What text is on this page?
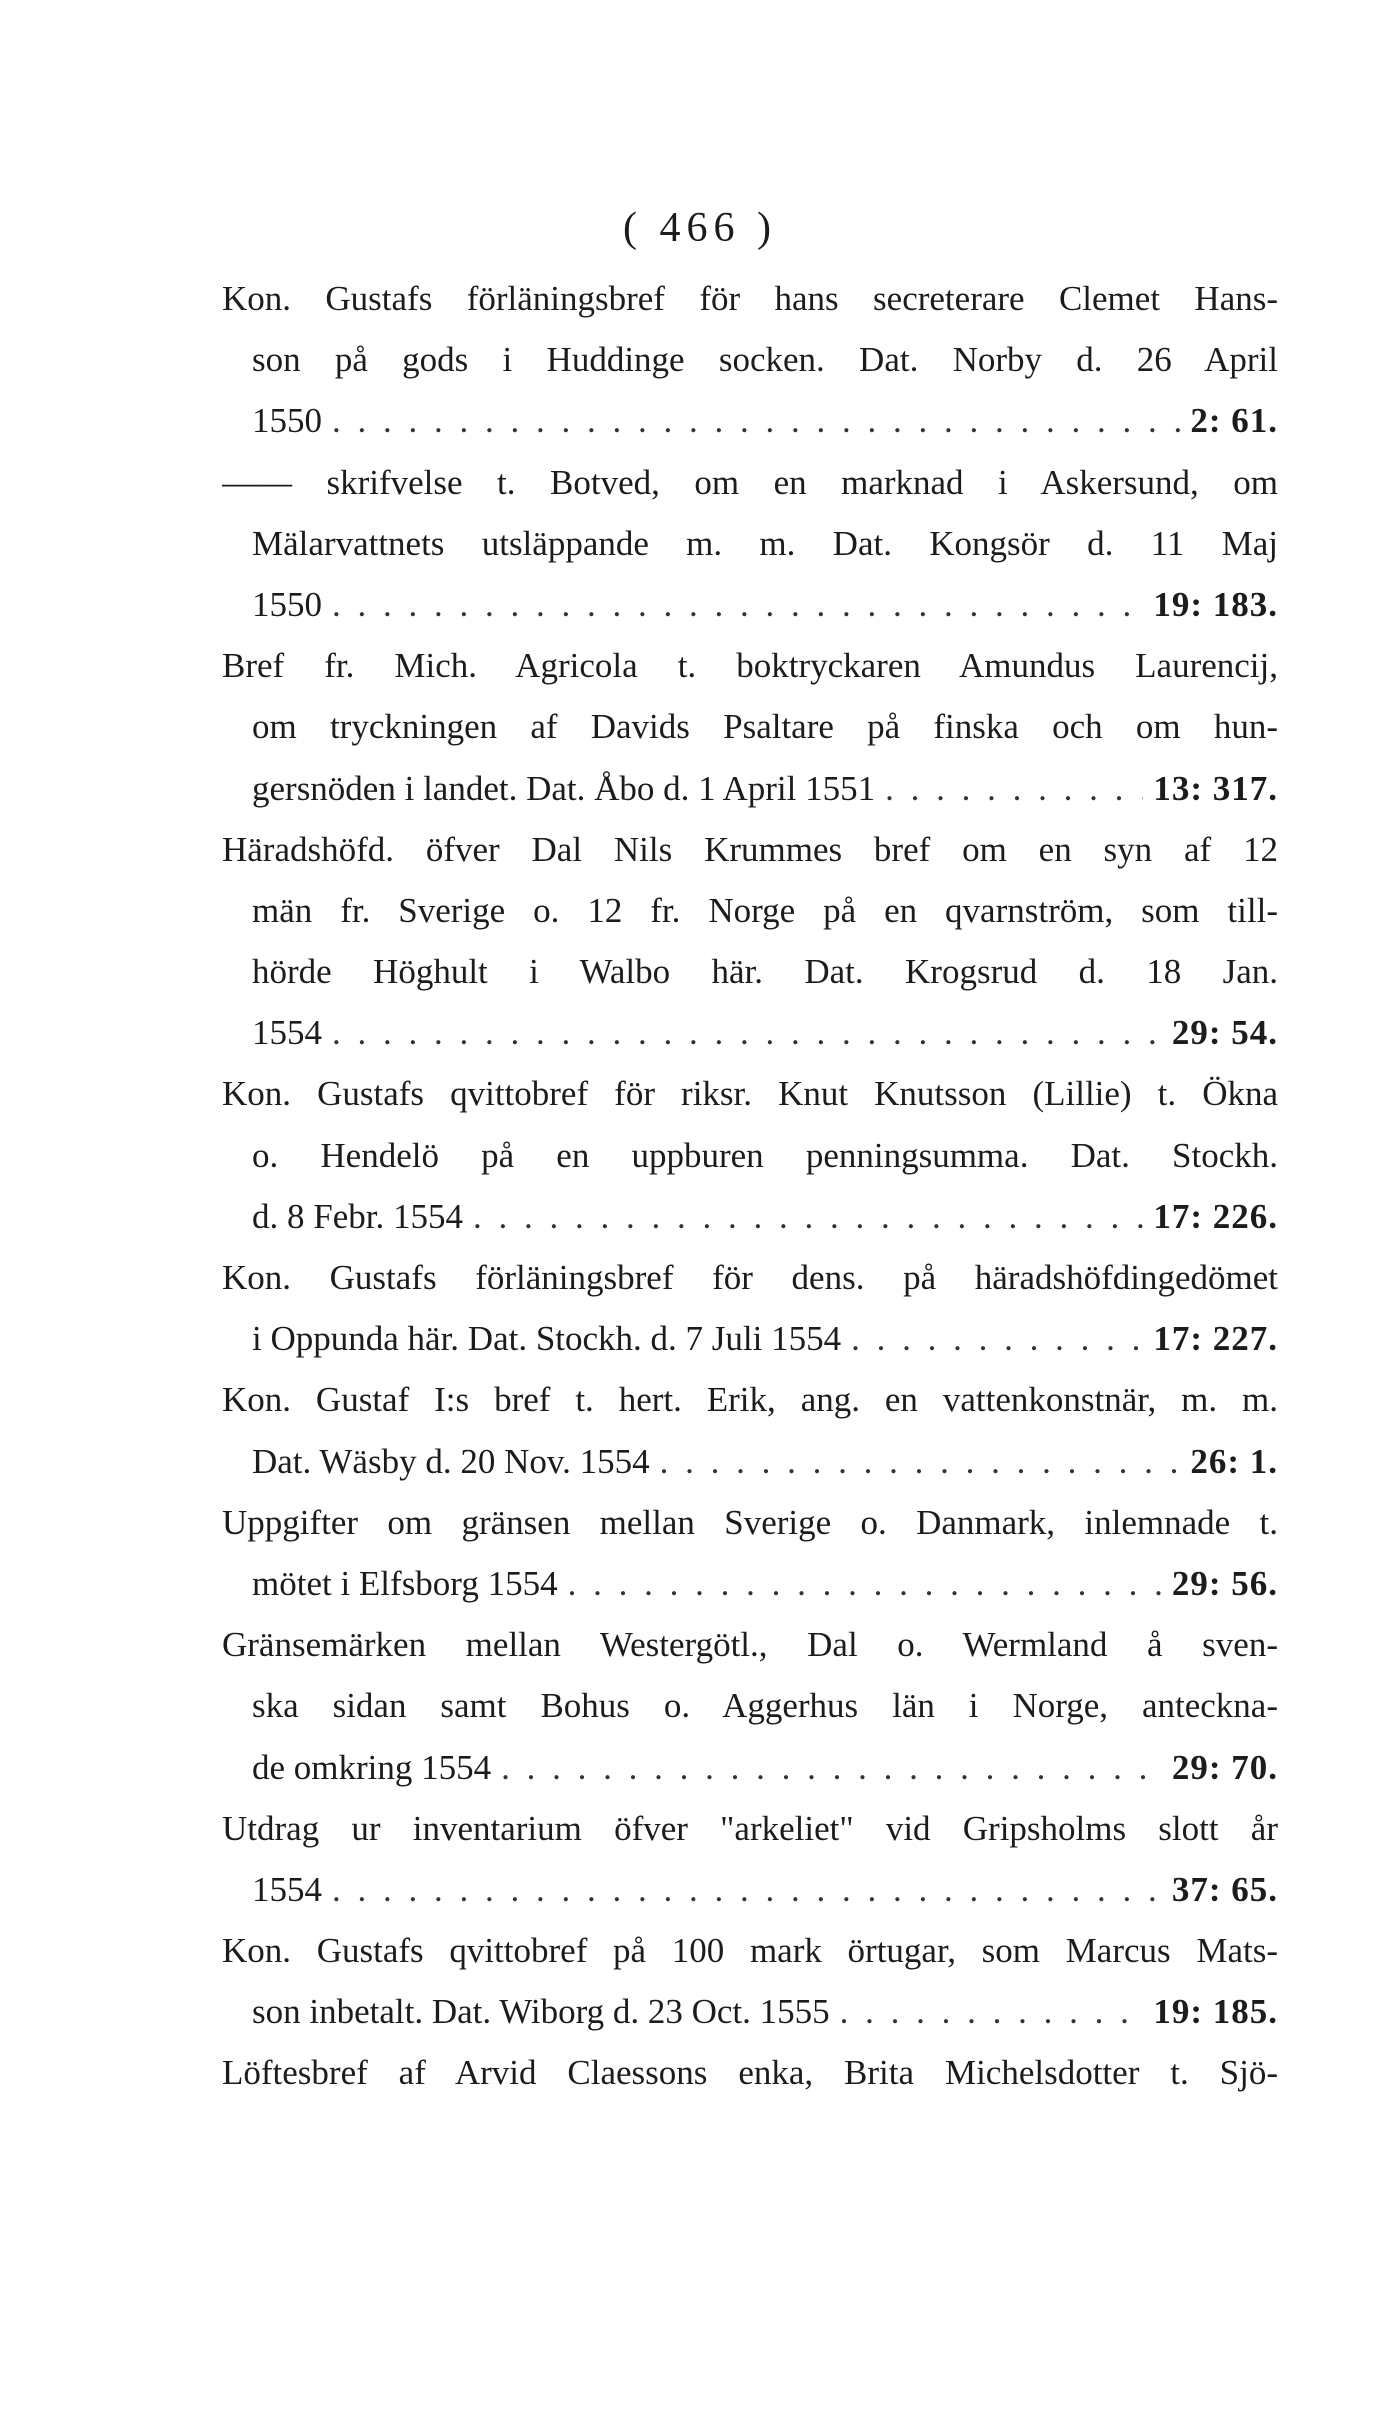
( 466 )
Kon. Gustafs förläningsbref för hans secreterare Clemet Hans-
son på gods i Huddinge socken. Dat. Norby d. 26 April
1550 . . .	2: 61.
—— skrifvelse t. Botved, om en marknad i Askersund, om
Mälarvattnets utsläppande m. m. Dat. Kongsör d. 11 Maj
1550 . . .	19: 183.
Bref fr. Mich. Agricola t. boktryckaren Amundus Laurencij,
om tryckningen af Davids Psaltare på finska och om hun-
gersnöden i landet. Dat. Åbo d. 1 April 1551 . . .	13: 317.
Häradshöfd. öfver Dal Nils Krummes bref om en syn af 12
män fr. Sverige o. 12 fr. Norge på en qvarnström, som till-
hörde Höghult i Walbo här. Dat. Krogsrud d. 18 Jan.
1554 . . .	29: 54.
Kon. Gustafs qvittobref för riksr. Knut Knutsson (Lillie) t. Ökna
o. Hendelö på en uppburen penningsumma. Dat. Stockh.
d. 8 Febr. 1554 . . .	17: 226.
Kon. Gustafs förläningsbref för dens. på häradshöfdingedömet
i Oppunda här. Dat. Stockh. d. 7 Juli 1554 . . .	17: 227.
Kon. Gustaf I:s bref t. hert. Erik, ang. en vattenkonstnär, m. m.
Dat. Wäsby d. 20 Nov. 1554 . . .	26: 1.
Uppgifter om gränsen mellan Sverige o. Danmark, inlemnade t.
mötet i Elfsborg 1554 . . .	29: 56.
Gränsemärken mellan Westergötl., Dal o. Wermland å sven-
ska sidan samt Bohus o. Aggerhus län i Norge, anteckna-
de omkring 1554 . . .	29: 70.
Utdrag ur inventarium öfver "arkeliet" vid Gripsholms slott år
1554 . . .	37: 65.
Kon. Gustafs qvittobref på 100 mark örtugar, som Marcus Mats-
son inbetalt. Dat. Wiborg d. 23 Oct. 1555 . . .	19: 185.
Löftesbref af Arvid Claessons enka, Brita Michelsdotter t. Sjö-
